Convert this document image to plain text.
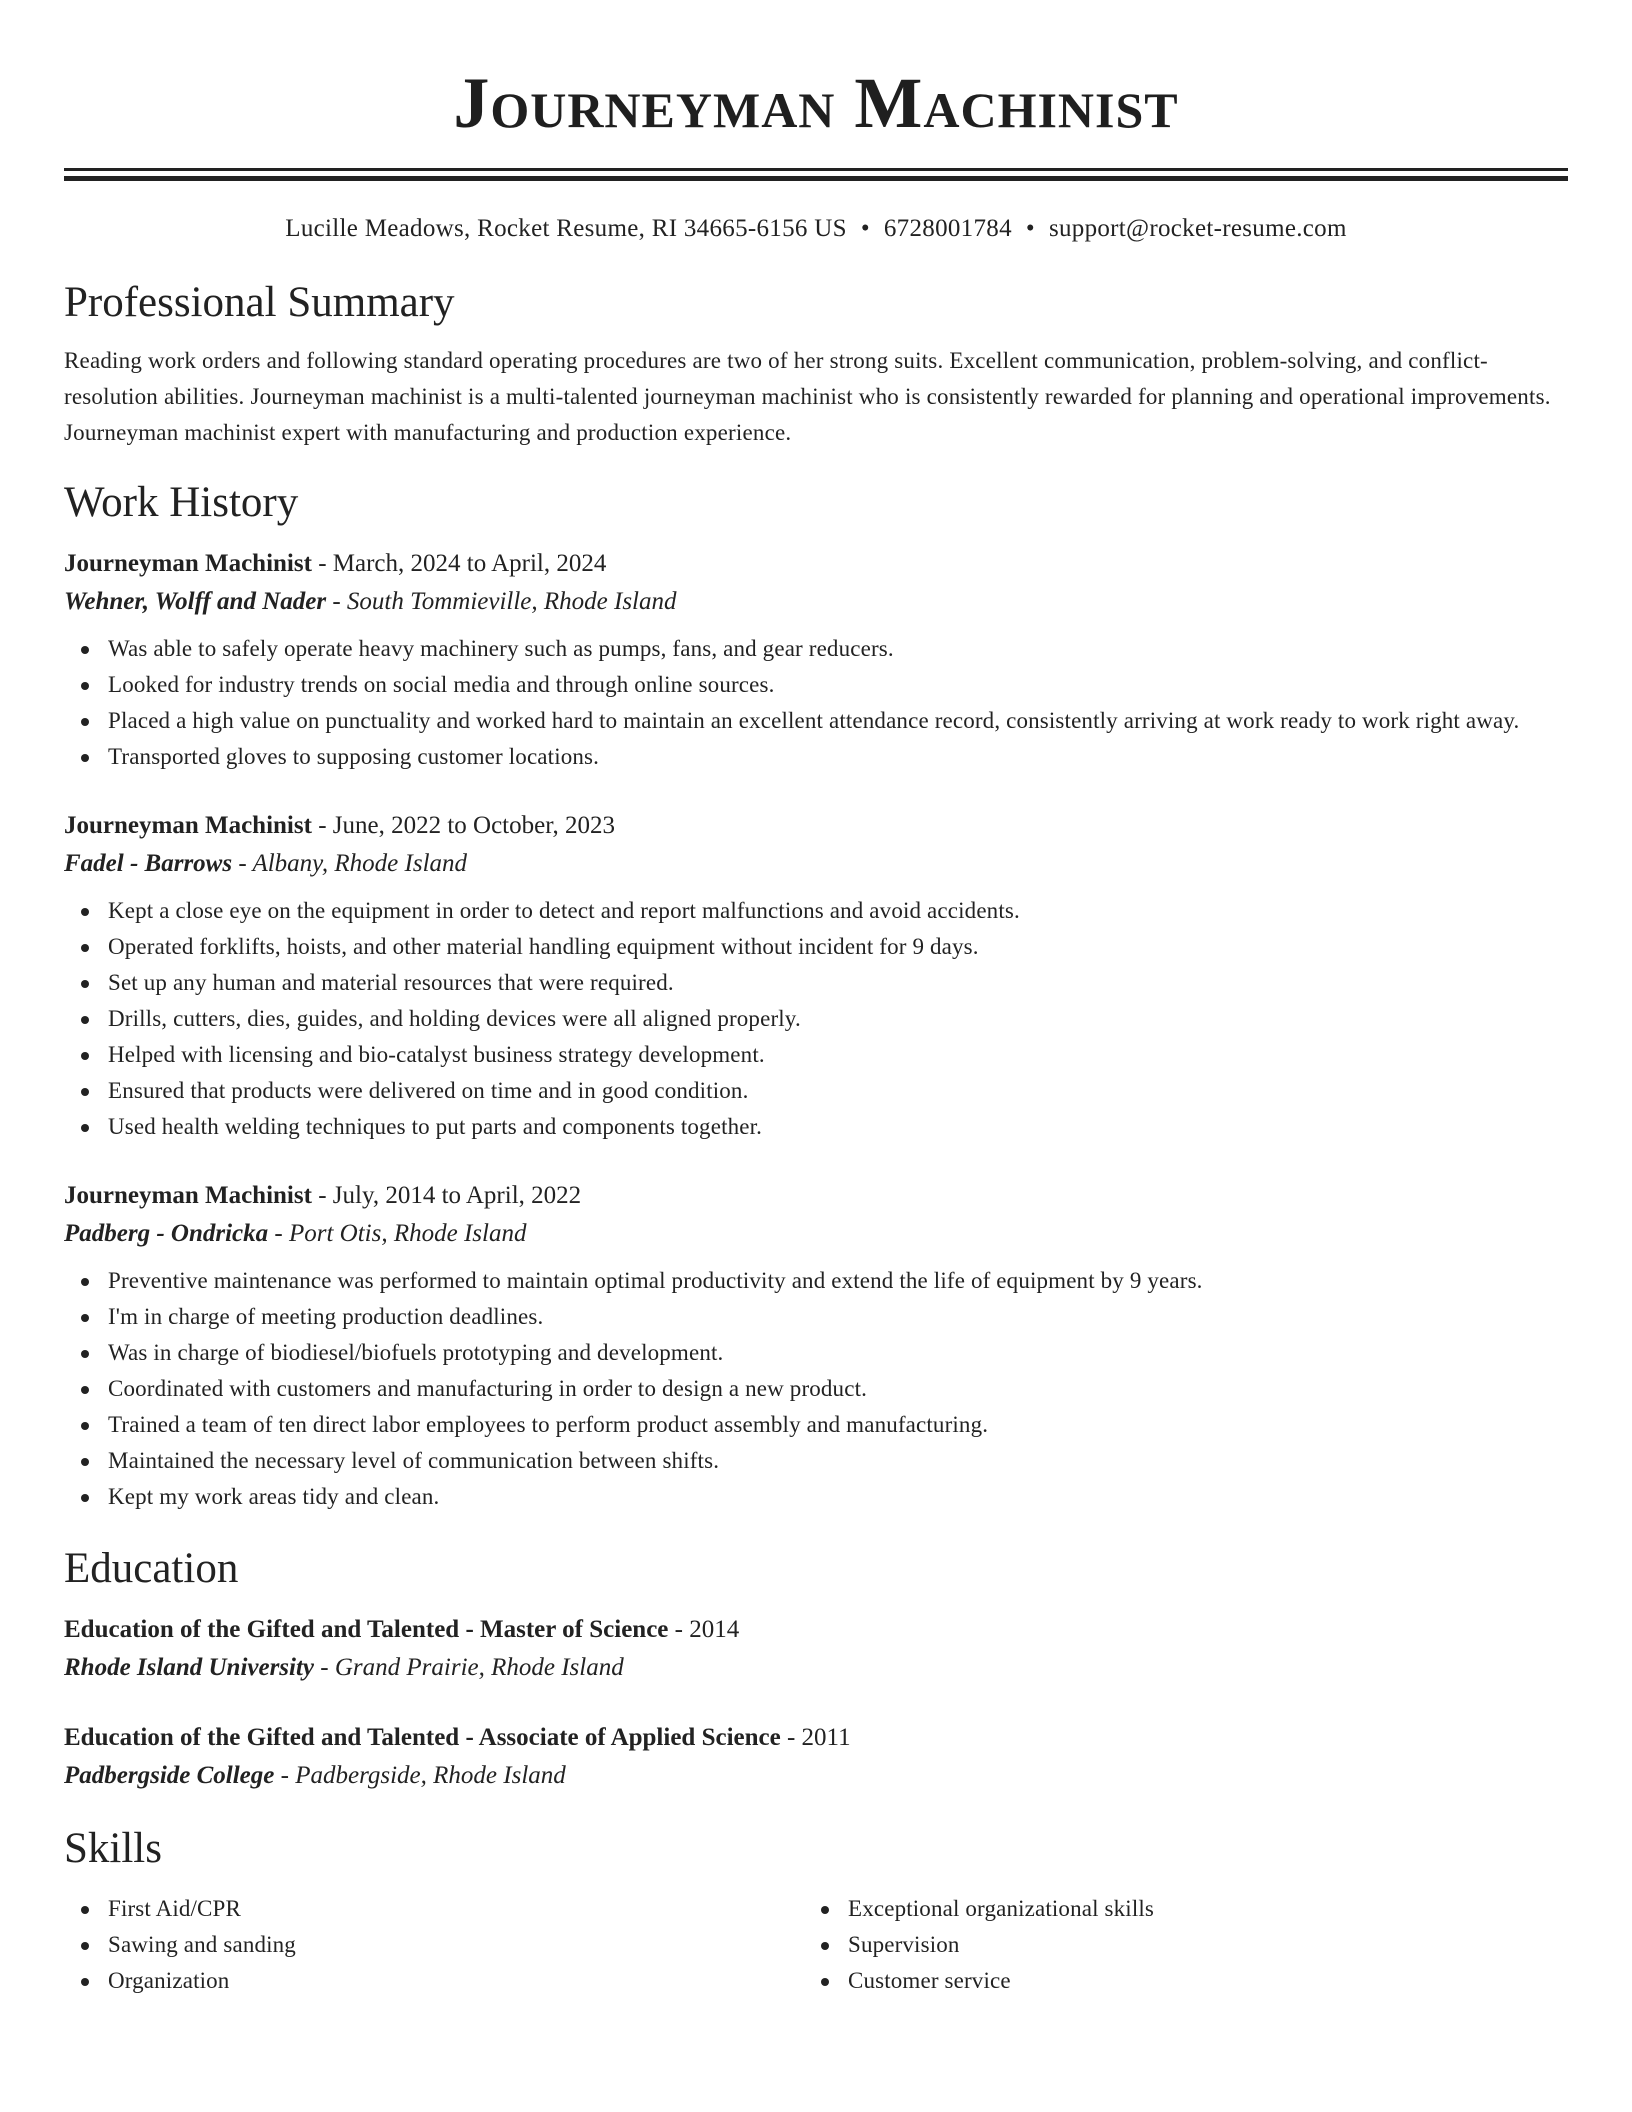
Journeyman Machinist
Lucille Meadows, Rocket Resume, RI 34665-6156 US • 6728001784 • support@rocket-resume.com
Professional Summary
Reading work orders and following standard operating procedures are two of her strong suits. Excellent communication, problem-solving, and conflict-resolution abilities. Journeyman machinist is a multi-talented journeyman machinist who is consistently rewarded for planning and operational improvements. Journeyman machinist expert with manufacturing and production experience.
Work History
Journeyman Machinist - March, 2024 to April, 2024
Wehner, Wolff and Nader - South Tommieville, Rhode Island
Was able to safely operate heavy machinery such as pumps, fans, and gear reducers.
Looked for industry trends on social media and through online sources.
Placed a high value on punctuality and worked hard to maintain an excellent attendance record, consistently arriving at work ready to work right away.
Transported gloves to supposing customer locations.
Journeyman Machinist - June, 2022 to October, 2023
Fadel - Barrows - Albany, Rhode Island
Kept a close eye on the equipment in order to detect and report malfunctions and avoid accidents.
Operated forklifts, hoists, and other material handling equipment without incident for 9 days.
Set up any human and material resources that were required.
Drills, cutters, dies, guides, and holding devices were all aligned properly.
Helped with licensing and bio-catalyst business strategy development.
Ensured that products were delivered on time and in good condition.
Used health welding techniques to put parts and components together.
Journeyman Machinist - July, 2014 to April, 2022
Padberg - Ondricka - Port Otis, Rhode Island
Preventive maintenance was performed to maintain optimal productivity and extend the life of equipment by 9 years.
I'm in charge of meeting production deadlines.
Was in charge of biodiesel/biofuels prototyping and development.
Coordinated with customers and manufacturing in order to design a new product.
Trained a team of ten direct labor employees to perform product assembly and manufacturing.
Maintained the necessary level of communication between shifts.
Kept my work areas tidy and clean.
Education
Education of the Gifted and Talented - Master of Science - 2014
Rhode Island University - Grand Prairie, Rhode Island
Education of the Gifted and Talented - Associate of Applied Science - 2011
Padbergside College - Padbergside, Rhode Island
Skills
First Aid/CPR
Sawing and sanding
Organization
Exceptional organizational skills
Supervision
Customer service
